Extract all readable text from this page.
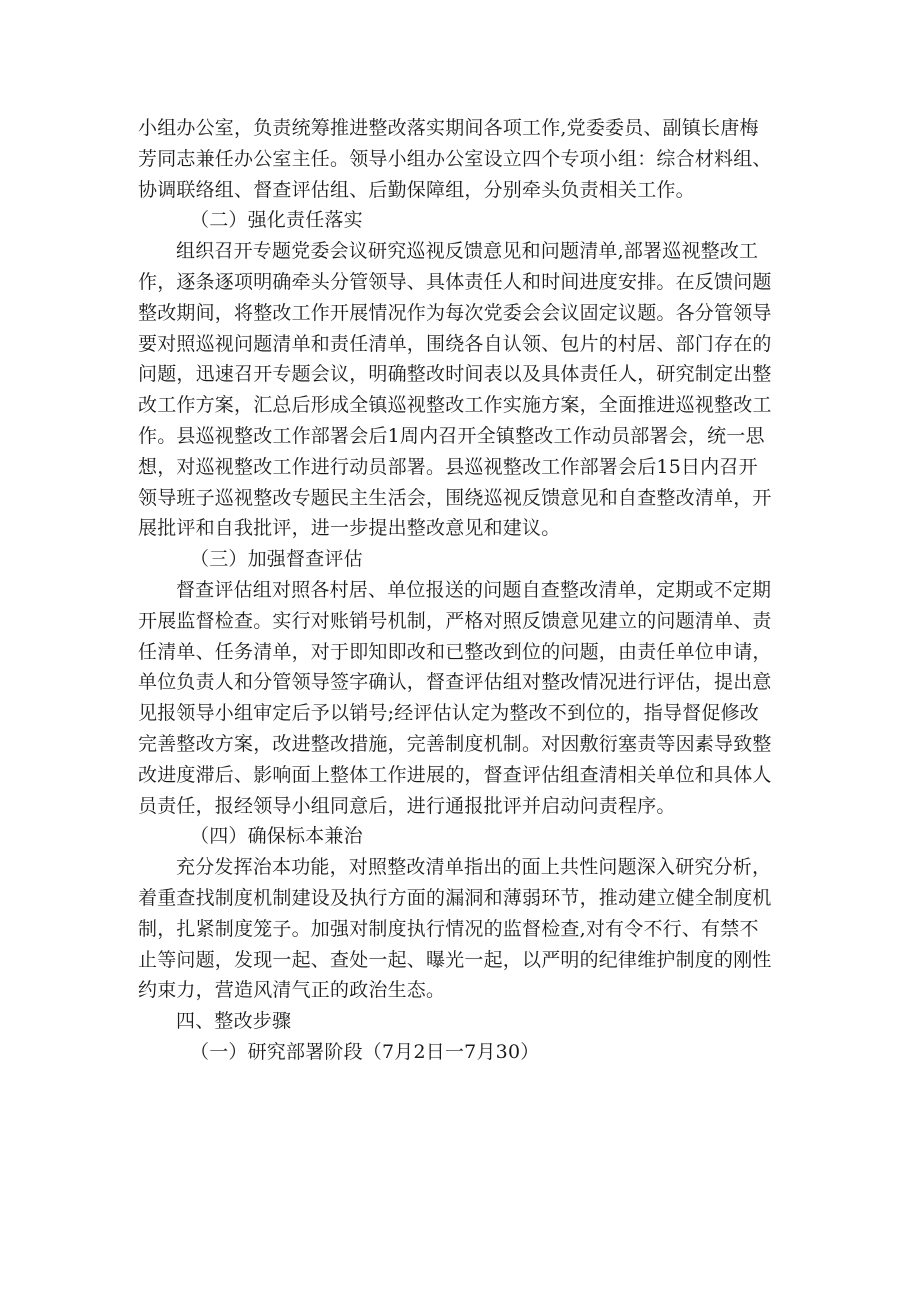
小组办公室，负责统筹推进整改落实期间各项工作,党委委员、副镇长唐梅
芳同志兼任办公室主任。领导小组办公室设立四个专项小组：综合材料组、
协调联络组、督查评估组、后勤保障组，分别牵头负责相关工作。
（二）强化责任落实
组织召开专题党委会议研究巡视反馈意见和问题清单,部署巡视整改工
作，逐条逐项明确牵头分管领导、具体责任人和时间进度安排。在反馈问题
整改期间，将整改工作开展情况作为每次党委会会议固定议题。各分管领导
要对照巡视问题清单和责任清单，围绕各自认领、包片的村居、部门存在的
问题，迅速召开专题会议，明确整改时间表以及具体责任人，研究制定出整
改工作方案，汇总后形成全镇巡视整改工作实施方案，全面推进巡视整改工
作。县巡视整改工作部署会后1周内召开全镇整改工作动员部署会，统一思
想，对巡视整改工作进行动员部署。县巡视整改工作部署会后15日内召开
领导班子巡视整改专题民主生活会，围绕巡视反馈意见和自查整改清单，开
展批评和自我批评，进一步提出整改意见和建议。
（三）加强督查评估
督查评估组对照各村居、单位报送的问题自查整改清单，定期或不定期
开展监督检查。实行对账销号机制，严格对照反馈意见建立的问题清单、责
任清单、任务清单，对于即知即改和已整改到位的问题，由责任单位申请，
单位负责人和分管领导签字确认，督查评估组对整改情况进行评估，提出意
见报领导小组审定后予以销号;经评估认定为整改不到位的，指导督促修改
完善整改方案，改进整改措施，完善制度机制。对因敷衍塞责等因素导致整
改进度滞后、影响面上整体工作进展的，督查评估组查清相关单位和具体人
员责任，报经领导小组同意后，进行通报批评并启动问责程序。
（四）确保标本兼治
充分发挥治本功能，对照整改清单指出的面上共性问题深入研究分析，
着重查找制度机制建设及执行方面的漏洞和薄弱环节，推动建立健全制度机
制，扎紧制度笼子。加强对制度执行情况的监督检查,对有令不行、有禁不
止等问题，发现一起、查处一起、曝光一起，以严明的纪律维护制度的刚性
约束力，营造风清气正的政治生态。
四、整改步骤
（一）研究部署阶段（7月2日一7月30）
